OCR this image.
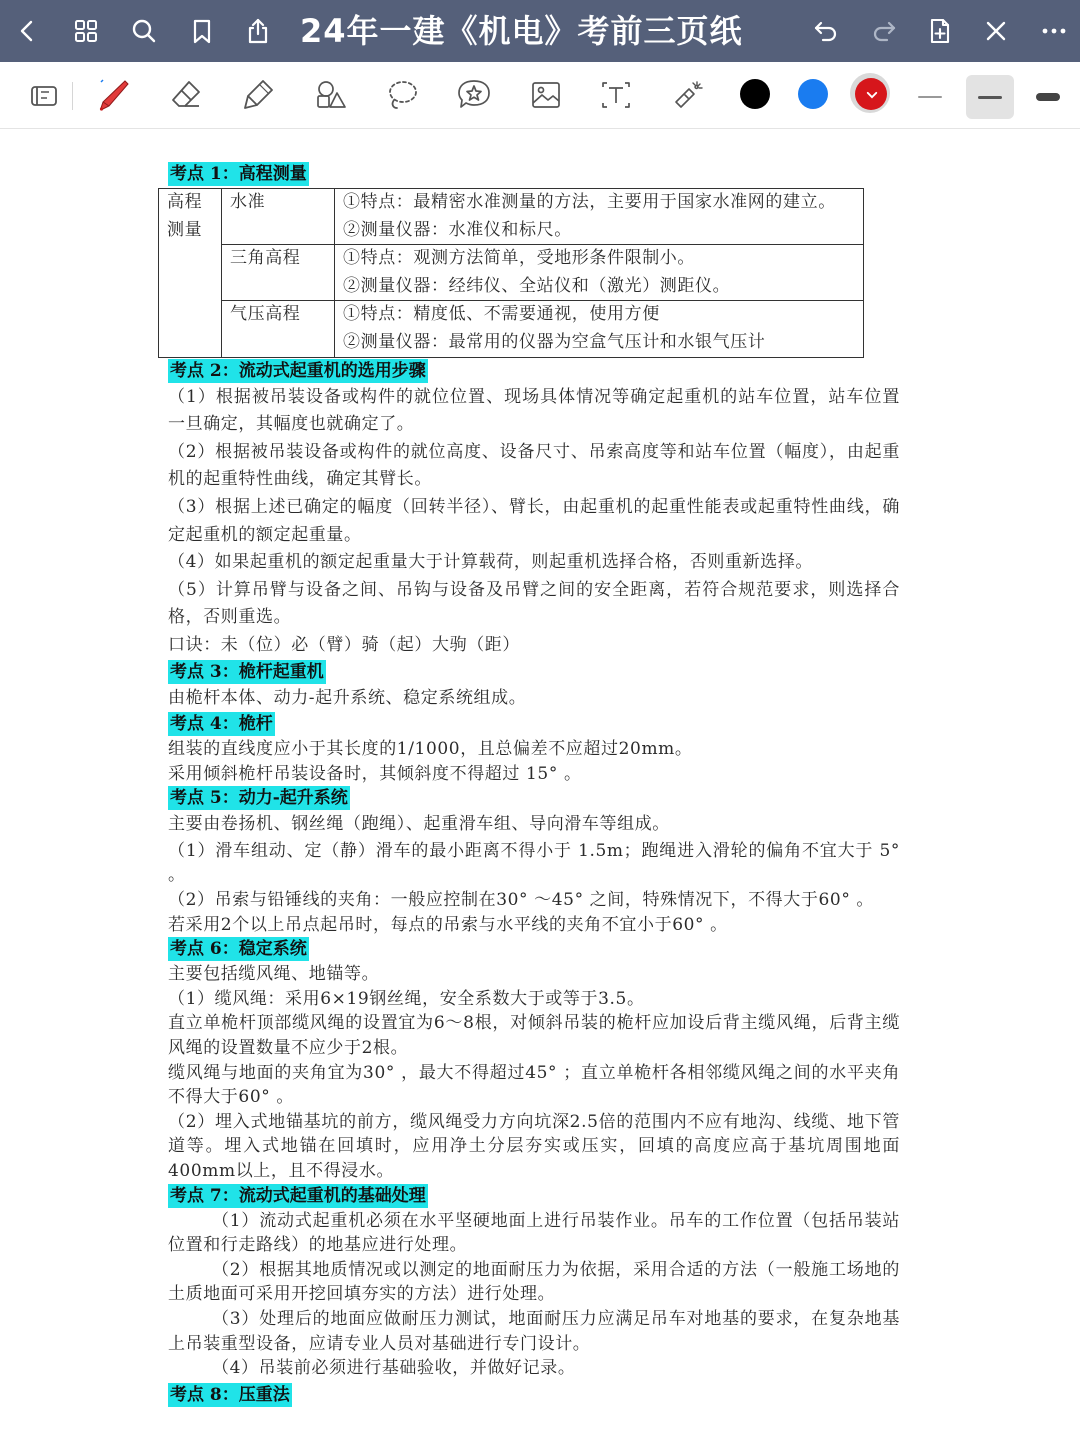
24年一建《机电》考前三页纸
考点 1：高程测量
高程
测量	水准	①特点：最精密水准测量的方法，主要用于国家水准网的建立。
②测量仪器：水准仪和标尺。

	三角高程	①特点：观测方法简单，受地形条件限制小。
②测量仪器：经纬仪、全站仪和（激光）测距仪。

	气压高程	①特点：精度低、不需要通视，使用方便
②测量仪器：最常用的仪器为空盒气压计和水银气压计
考点 2：流动式起重机的选用步骤

（1）根据被吊装设备或构件的就位位置、现场具体情况等确定起重机的站车位置，站车位置一旦确定，其幅度也就确定了。

（2）根据被吊装设备或构件的就位高度、设备尺寸、吊索高度等和站车位置（幅度），由起重机的起重特性曲线，确定其臂长。

（3）根据上述已确定的幅度（回转半径）、臂长，由起重机的起重性能表或起重特性曲线，确定起重机的额定起重量。

（4）如果起重机的额定起重量大于计算载荷，则起重机选择合格，否则重新选择。

（5）计算吊臂与设备之间、吊钩与设备及吊臂之间的安全距离，若符合规范要求，则选择合格，否则重选。

口诀：未（位）必（臂）骑（起）大驹（距）

考点 3：桅杆起重机

由桅杆本体、动力-起升系统、稳定系统组成。

考点 4：桅杆

组装的直线度应小于其长度的1/1000，且总偏差不应超过20mm。

采用倾斜桅杆吊装设备时，其倾斜度不得超过 15° 。

考点 5：动力-起升系统

主要由卷扬机、钢丝绳（跑绳）、起重滑车组、导向滑车等组成。

（1）滑车组动、定（静）滑车的最小距离不得小于 1.5m；跑绳进入滑轮的偏角不宜大于 5° 。

（2）吊索与铅锤线的夹角：一般应控制在30° ～45° 之间，特殊情况下，不得大于60° 。

若采用2个以上吊点起吊时，每点的吊索与水平线的夹角不宜小于60° 。

考点 6：稳定系统

主要包括缆风绳、地锚等。

（1）缆风绳：采用6×19钢丝绳，安全系数大于或等于3.5。

直立单桅杆顶部缆风绳的设置宜为6～8根，对倾斜吊装的桅杆应加设后背主缆风绳，后背主缆风绳的设置数量不应少于2根。

缆风绳与地面的夹角宜为30° ，最大不得超过45° ；直立单桅杆各相邻缆风绳之间的水平夹角不得大于60° 。

（2）埋入式地锚基坑的前方，缆风绳受力方向坑深2.5倍的范围内不应有地沟、线缆、地下管道等。埋入式地锚在回填时，应用净土分层夯实或压实，回填的高度应高于基坑周围地面400mm以上，且不得浸水。

考点 7：流动式起重机的基础处理

（1）流动式起重机必须在水平坚硬地面上进行吊装作业。吊车的工作位置（包括吊装站位置和行走路线）的地基应进行处理。

（2）根据其地质情况或以测定的地面耐压力为依据，采用合适的方法（一般施工场地的土质地面可采用开挖回填夯实的方法）进行处理。

（3）处理后的地面应做耐压力测试，地面耐压力应满足吊车对地基的要求，在复杂地基上吊装重型设备，应请专业人员对基础进行专门设计。

（4）吊装前必须进行基础验收，并做好记录。

考点 8：压重法
